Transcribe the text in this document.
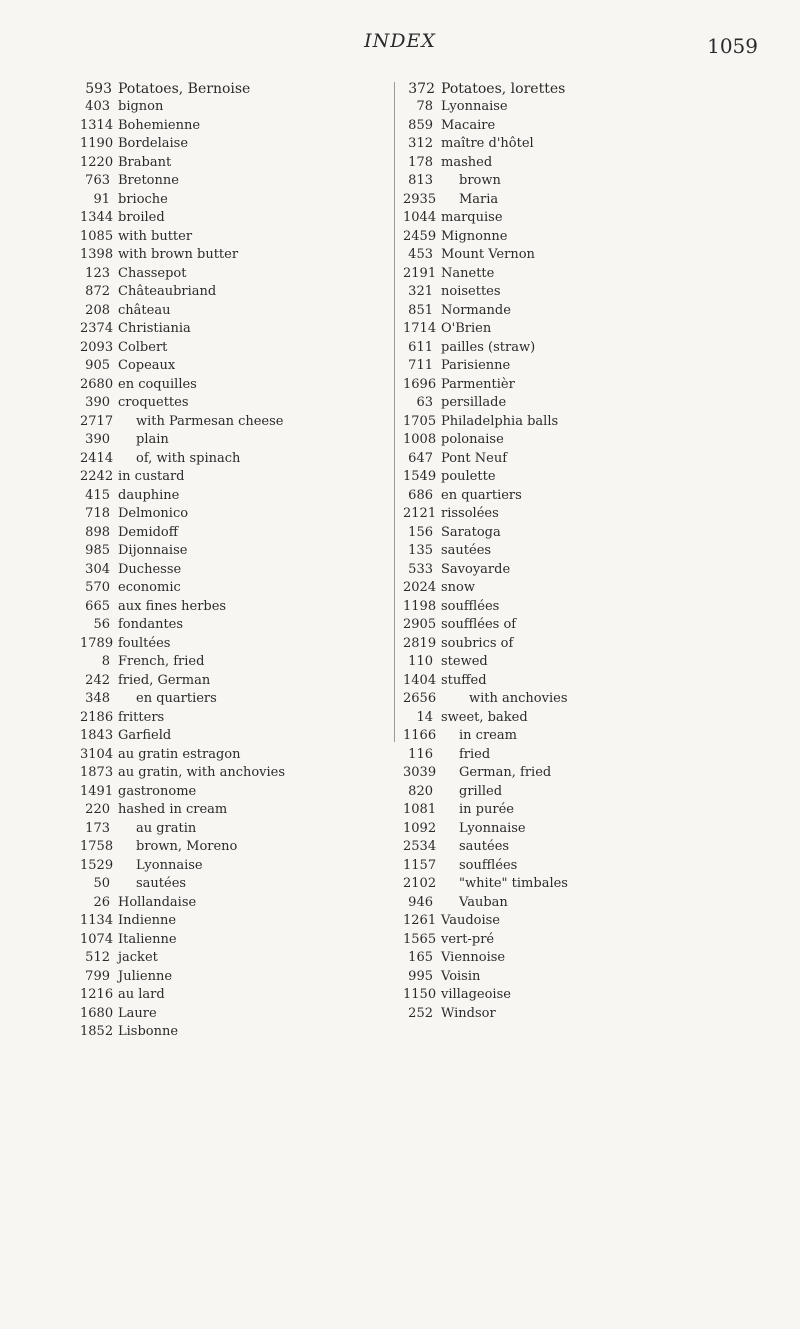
INDEX	1059
593 Potatoes, Bernoise
403 bignon
1314 Bohemienne
1190 Bordelaise
1220 Brabant
763 Bretonne
91 brioche
1344 broiled
1085 with butter
1398 with brown butter
123 Chassepot
872 Châteaubriand
208 château
2374 Christiania
2093 Colbert
905 Copeaux
2680 en coquilles
390 croquettes
2717 with Parmesan cheese
390 plain
2414 of, with spinach
2242 in custard
415 dauphine
718 Delmonico
898 Demidoff
985 Dijonnaise
304 Duchesse
570 economic
665 aux fines herbes
56 fondantes
1789 foultées
8 French, fried
242 fried, German
348 en quartiers
2186 fritters
1843 Garfield
3104 au gratin estragon
1873 au gratin, with anchovies
1491 gastronome
220 hashed in cream
173 au gratin
1758 brown, Moreno
1529 Lyonnaise
50 sautées
26 Hollandaise
1134 Indienne
1074 Italienne
512 jacket
799 Julienne
1216 au lard
1680 Laure
1852 Lisbonne
372 Potatoes, lorettes
78 Lyonnaise
859 Macaire
312 maître d'hôtel
178 mashed
813 brown
2935 Maria
1044 marquise
2459 Mignonne
453 Mount Vernon
2191 Nanette
321 noisettes
851 Normande
1714 O'Brien
611 pailles (straw)
711 Parisienne
1696 Parmentièr
63 persillade
1705 Philadelphia balls
1008 polonaise
647 Pont Neuf
1549 poulette
686 en quartiers
2121 rissolées
156 Saratoga
135 sautées
533 Savoyarde
2024 snow
1198 soufflées
2905 soufflées of
2819 soubrics of
110 stewed
1404 stuffed
2656	with anchovies
14 sweet, baked
1166 in cream
116 fried
3039 German, fried
820 grilled
1081 in purée
1092 Lyonnaise
2534 sautées
1157 soufflées
2102 "white" timbales
946 Vauban
1261 Vaudoise
1565 vert-pré
165 Viennoise
995 Voisin
1150 villageoise
252 Windsor
